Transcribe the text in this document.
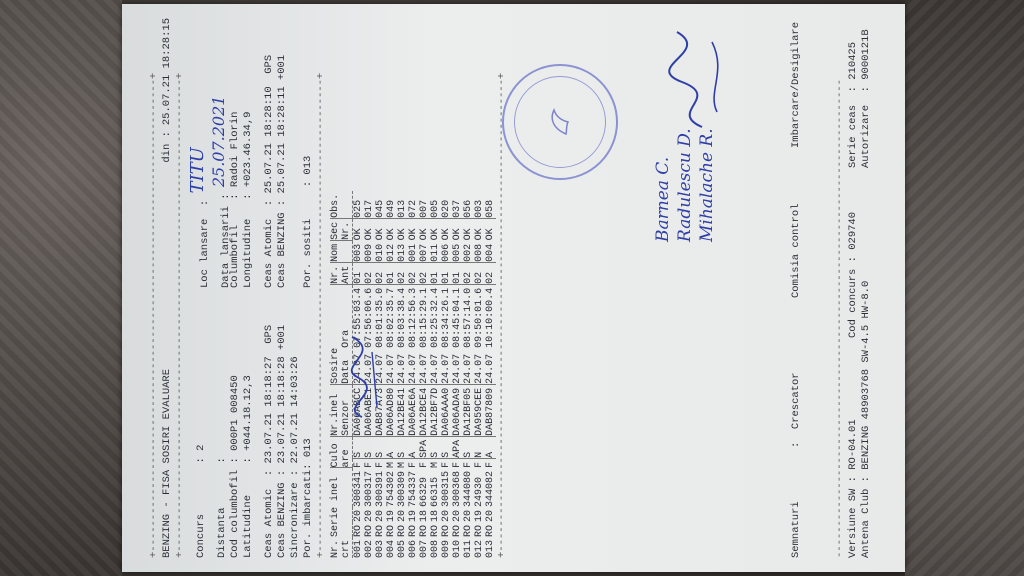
+---------------------------------------------------------------------------+ BENZING - FISA SOSIRI EVALUARE
din :
25.07.21 18:28:15
+---------------------------------------------------------------------------+ Concurs        : 2
Loc lansare  : TITU
Distanta       :
Data lansarii : 25.07.2021
Cod columbofil : 000P1 008450
Columbofil    : Radoi Florin
Latitudine     : +044.18.12,3
Longitudine   : +023.46.34,9
Ceas Atomic  : 23.07.21 18:18:27  GPS
Ceas Atomic  : 25.07.21 18:28:10  GPS
Ceas BENZING : 23.07.21 18:18:28 +001
Ceas BENZING : 25.07.21 18:28:11 +001
Sincronizare : 22.07.21 14:03:26
Por. imbarcati: 013
Por. sositi     : 013 +---------------------------------------------------------------------------+ Nr.
crt	Serie inel			Culo
are		Nr.inel
Senzor	Sosire
Data  Ora	Nr.
Ant	Nom	Sec
Nr.	Obs.
001	RO	20	300341	F	S	DA06ABCC	24.07 07:55:03.4	01	003	OK	025
002	RO	20	300317	F	S	DA06ABE1	24.07 07:56:06.6	02	009	OK	017
003	RO	20	300391	F	S	DAB87A73	24.07 08:01:35.0	02	010	OK	045
004	RO	19	754302	M	A	DA06AD80	24.07 08:02:35.7	01	012	OK	049
005	RO	20	300309	M	S	DA12BE41	24.07 08:03:38.4	02	013	OK	013
006	RO	19	754337	F	A	DA06AE6A	24.07 08:12:56.3	02	001	OK	072
007	RO	18	66329	F	SPA	DA12BCE4	24.07 08:15:29.1	02	007	OK	007
008	RO	18	66315	M	S	DA12BF7D	24.07 08:25:32.4	01	011	OK	005
009	RO	20	300315	F	S	DA06AAA0	24.07 08:34:26.1	01	006	OK	020
010	RO	20	300368	F	APA	DA06ADA9	24.07 08:45:04.1	01	005	OK	037
011	RO	20	344080	F	S	DA12BF05	24.07 08:57:14.0	02	002	OK	056
012	RO	19	24930	F	N	DA959CEE	24.07 09:50:01.6	02	008	OK	003
013	RO	20	344082	F	A	DAB87809	24.07 10:10:00.4	02	004	OK	058 +---------------------------------------------------------------------------+	Barnea C. Radulescu D. Mihalache R.
Semnaturi
:  Crescator
Comisia control
Imbarcare/Desigilare	---------------------------------------------------------------------------- Versiune SW : RO-04.01
Cod concurs : 029740
Serie ceas  : 210425
Antena Club : BENZING 48903768 SW-4.5 HW-8.0
Autorizare  : 9000121B
